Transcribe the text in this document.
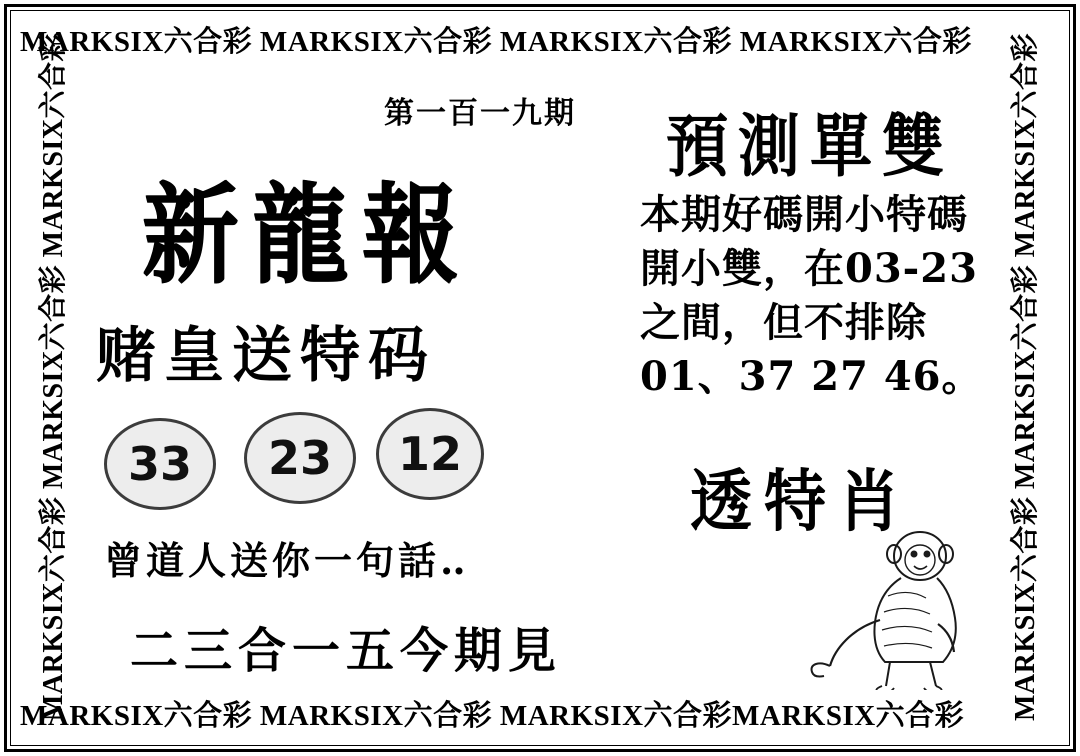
MARKSIX六合彩 MARKSIX六合彩 MARKSIX六合彩 MARKSIX六合彩
MARKSIX六合彩 MARKSIX六合彩 MARKSIX六合彩MARKSIX六合彩
MARKSIX六合彩 MARKSIX六合彩 MARKSIX六合彩	MARKSIX六合彩 MARKSIX六合彩 MARKSIX六合彩
第一百一九期
新龍報
赌皇送特码
33	23	12
曾道人送你一句話‥
二三合一五今期見
預測單雙
本期好碼開小特碼開小雙，在03-23之間，但不排除01、37 27 46。
透特肖
